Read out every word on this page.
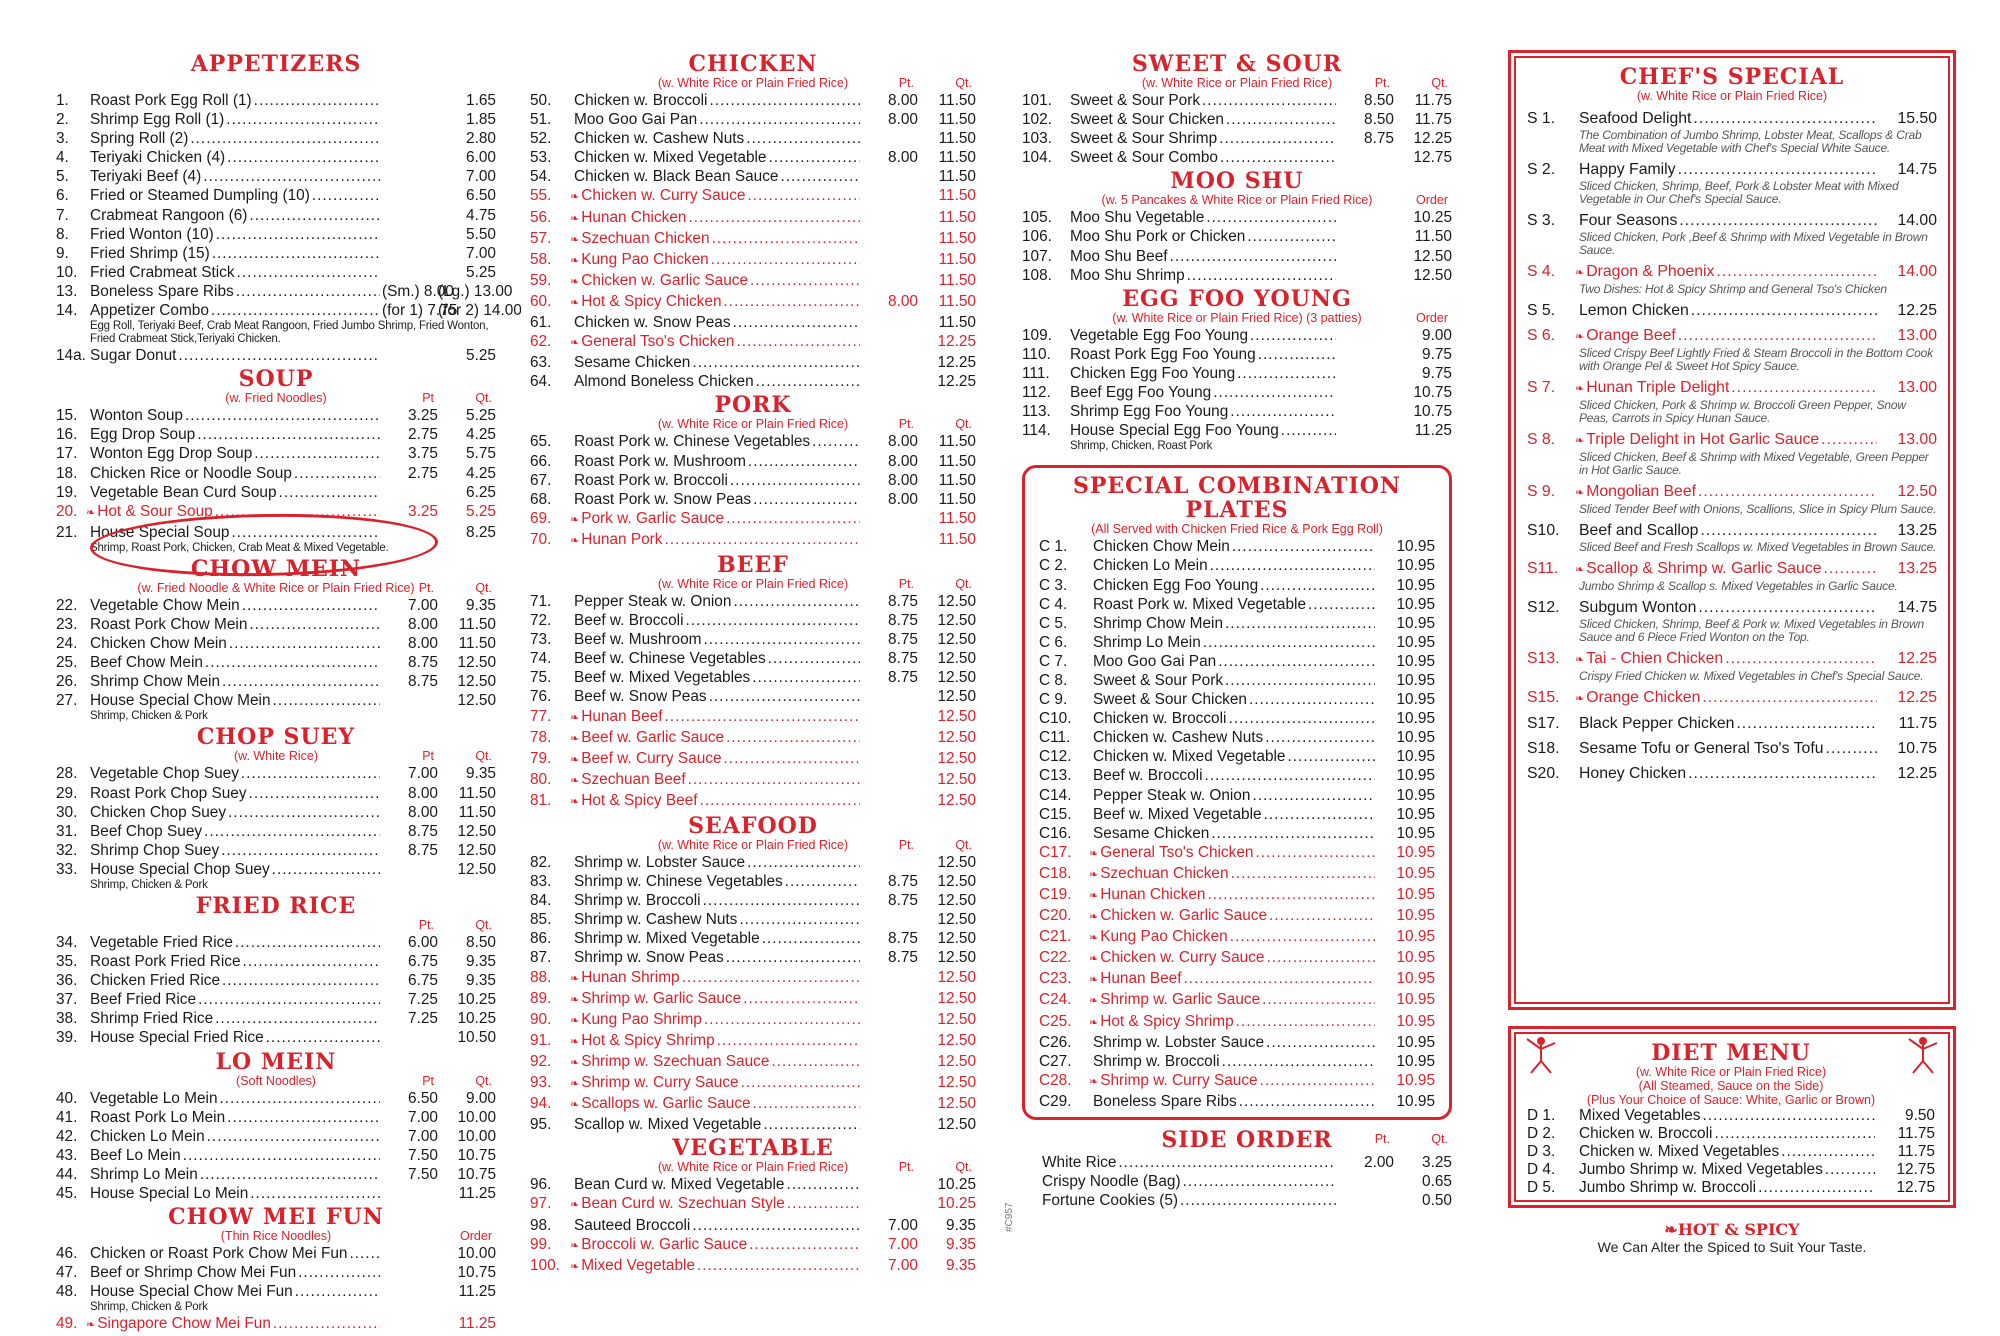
APPETIZERS
1.	Roast Pork Egg Roll (1) .....	1.65
2.	Shrimp Egg Roll (1) .....	1.85
3.	Spring Roll (2) .....	2.80
4.	Teriyaki Chicken (4) .....	6.00
5.	Teriyaki Beef (4) .....	7.00
6.	Fried or Steamed Dumpling (10) .....	6.50
7.	Crabmeat Rangoon (6) .....	4.75
8.	Fried Wonton (10) .....	5.50
9.	Fried Shrimp (15) .....	7.00
10. Fried Crabmeat Stick .....	5.25
13. Boneless Spare Ribs .....	(Sm.) 8.00
(Lg.) 13.00
14. Appetizer Combo .....	(for 1) 7.75
(for 2) 14.00
Egg Roll, Teriyaki Beef, Crab Meat Rangoon, Fried Jumbo Shrimp, Fried Wonton, Fried Crabmeat Stick,Teriyaki Chicken.
14a. Sugar Donut .....	5.25
SOUP
(w. Fried Noodles)	Pt	Qt.
15. Wonton Soup .....	3.25	5.25
16. Egg Drop Soup .....	2.75	4.25
17. Wonton Egg Drop Soup .....	3.75	5.75
18. Chicken Rice or Noodle Soup .....	2.75	4.25
19. Vegetable Bean Curd Soup .....	6.25
20. ❧ Hot & Sour Soup .....	3.25	5.25
21. House Special Soup .....	8.25
Shrimp, Roast Pork, Chicken, Crab Meat & Mixed Vegetable.
CHOW MEIN
(w. Fried Noodle & White Rice or Plain Fried Rice) Pt.	Qt.
22. Vegetable Chow Mein .....	7.00	9.35
23. Roast Pork Chow Mein .....	8.00	11.50
24. Chicken Chow Mein .....	8.00	11.50
25. Beef Chow Mein .....	8.75	12.50
26. Shrimp Chow Mein .....	8.75	12.50
27. House Special Chow Mein .....	12.50
Shrimp, Chicken & Pork
CHOP SUEY
(w. White Rice)	Pt	Qt.
28. Vegetable Chop Suey .....	7.00	9.35
29. Roast Pork Chop Suey .....	8.00	11.50
30. Chicken Chop Suey .....	8.00	11.50
31. Beef Chop Suey .....	8.75	12.50
32. Shrimp Chop Suey .....	8.75	12.50
33. House Special Chop Suey .....	12.50
Shrimp, Chicken & Pork
FRIED RICE
Pt.	Qt.
34. Vegetable Fried Rice .....	6.00	8.50
35. Roast Pork Fried Rice .....	6.75	9.35
36. Chicken Fried Rice .....	6.75	9.35
37. Beef Fried Rice .....	7.25	10.25
38. Shrimp Fried Rice .....	7.25	10.25
39. House Special Fried Rice .....	10.50
LO MEIN
(Soft Noodles)	Pt	Qt.
40. Vegetable Lo Mein .....	6.50	9.00
41. Roast Pork Lo Mein .....	7.00	10.00
42. Chicken Lo Mein .....	7.00	10.00
43. Beef Lo Mein .....	7.50	10.75
44. Shrimp Lo Mein .....	7.50	10.75
45. House Special Lo Mein .....	11.25
CHOW MEI FUN
(Thin Rice Noodles)	Order
46. Chicken or Roast Pork Chow Mei Fun .....	10.00
47. Beef or Shrimp Chow Mei Fun .....	10.75
48. House Special Chow Mei Fun .....	11.25
Shrimp, Chicken & Pork
49. ❧ Singapore Chow Mei Fun .....	11.25
CHICKEN
(w. White Rice or Plain Fried Rice)	Pt.	Qt.
50.	Chicken w. Broccoli .....	8.00	11.50
51.	Moo Goo Gai Pan .....	8.00	11.50
52.	Chicken w. Cashew Nuts .....	11.50
53.	Chicken w. Mixed Vegetable .....	8.00	11.50
54.	Chicken w. Black Bean Sauce .....	11.50
55.	❧ Chicken w. Curry Sauce .....	11.50
56.	❧ Hunan Chicken .....	11.50
57.	❧ Szechuan Chicken .....	11.50
58.	❧ Kung Pao Chicken .....	11.50
59.	❧ Chicken w. Garlic Sauce .....	11.50
60.	❧ Hot & Spicy Chicken .....	8.00	11.50
61.	Chicken w. Snow Peas .....	11.50
62.	❧ General Tso's Chicken .....	12.25
63.	Sesame Chicken .....	12.25
64.	Almond Boneless Chicken .....	12.25
PORK
(w. White Rice or Plain Fried Rice)	Pt.	Qt.
65.	Roast Pork w. Chinese Vegetables .....	8.00	11.50
66.	Roast Pork w. Mushroom .....	8.00	11.50
67.	Roast Pork w. Broccoli .....	8.00	11.50
68.	Roast Pork w. Snow Peas .....	8.00	11.50
69.	❧ Pork w. Garlic Sauce .....	11.50
70.	❧ Hunan Pork .....	11.50
BEEF
(w. White Rice or Plain Fried Rice)	Pt.	Qt.
71.	Pepper Steak w. Onion .....	8.75	12.50
72.	Beef w. Broccoli .....	8.75	12.50
73.	Beef w. Mushroom .....	8.75	12.50
74.	Beef w. Chinese Vegetables .....	8.75	12.50
75.	Beef w. Mixed Vegetables .....	8.75	12.50
76.	Beef w. Snow Peas .....	12.50
77.	❧ Hunan Beef .....	12.50
78.	❧ Beef w. Garlic Sauce .....	12.50
79.	❧ Beef w. Curry Sauce .....	12.50
80.	❧ Szechuan Beef .....	12.50
81.	❧ Hot & Spicy Beef .....	12.50
SEAFOOD
(w. White Rice or Plain Fried Rice)	Pt.	Qt.
82.	Shrimp w. Lobster Sauce .....	12.50
83.	Shrimp w. Chinese Vegetables .....	8.75	12.50
84.	Shrimp w. Broccoli .....	8.75	12.50
85.	Shrimp w. Cashew Nuts .....	12.50
86.	Shrimp w. Mixed Vegetable .....	8.75	12.50
87.	Shrimp w. Snow Peas .....	8.75	12.50
88.	❧ Hunan Shrimp .....	12.50
89.	❧ Shrimp w. Garlic Sauce .....	12.50
90.	❧ Kung Pao Shrimp .....	12.50
91.	❧ Hot & Spicy Shrimp .....	12.50
92.	❧ Shrimp w. Szechuan Sauce .....	12.50
93.	❧ Shrimp w. Curry Sauce .....	12.50
94.	❧ Scallops w. Garlic Sauce .....	12.50
95.	Scallop w. Mixed Vegetable .....	12.50
VEGETABLE
(w. White Rice or Plain Fried Rice)	Pt.	Qt.
96.	Bean Curd w. Mixed Vegetable .....	10.25
97.	❧ Bean Curd w. Szechuan Style .....	10.25
98.	Sauteed Broccoli .....	7.00	9.35
99.	❧ Broccoli w. Garlic Sauce .....	7.00	9.35
100. ❧ Mixed Vegetable .....	7.00	9.35
SWEET & SOUR
(w. White Rice or Plain Fried Rice)	Pt.	Qt.
101.	Sweet & Sour Pork .....	8.50	11.75
102.	Sweet & Sour Chicken .....	8.50	11.75
103.	Sweet & Sour Shrimp .....	8.75	12.25
104.	Sweet & Sour Combo .....	12.75
MOO SHU
(w. 5 Pancakes & White Rice or Plain Fried Rice)	Order
105.	Moo Shu Vegetable .....	10.25
106.	Moo Shu Pork or Chicken .....	11.50
107.	Moo Shu Beef .....	12.50
108.	Moo Shu Shrimp .....	12.50
EGG FOO YOUNG
(w. White Rice or Plain Fried Rice) (3 patties)	Order
109.	Vegetable Egg Foo Young .....	9.00
110.	Roast Pork Egg Foo Young .....	9.75
111.	Chicken Egg Foo Young .....	9.75
112.	Beef Egg Foo Young .....	10.75
113.	Shrimp Egg Foo Young .....	10.75
114.	House Special Egg Foo Young .....	11.25
Shrimp, Chicken, Roast Pork
SPECIAL COMBINATION PLATES
(All Served with Chicken Fried Rice & Pork Egg Roll)
C 1.	Chicken Chow Mein .....	10.95
C 2.	Chicken Lo Mein .....	10.95
C 3.	Chicken Egg Foo Young .....	10.95
C 4.	Roast Pork w. Mixed Vegetable .....	10.95
C 5.	Shrimp Chow Mein .....	10.95
C 6.	Shrimp Lo Mein .....	10.95
C 7.	Moo Goo Gai Pan .....	10.95
C 8.	Sweet & Sour Pork .....	10.95
C 9.	Sweet & Sour Chicken .....	10.95
C10.	Chicken w. Broccoli .....	10.95
C11.	Chicken w. Cashew Nuts .....	10.95
C12.	Chicken w. Mixed Vegetable .....	10.95
C13.	Beef w. Broccoli .....	10.95
C14.	Pepper Steak w. Onion .....	10.95
C15.	Beef w. Mixed Vegetable .....	10.95
C16.	Sesame Chicken .....	10.95
C17.	❧ General Tso's Chicken .....	10.95
C18.	❧ Szechuan Chicken .....	10.95
C19.	❧ Hunan Chicken .....	10.95
C20.	❧ Chicken w. Garlic Sauce .....	10.95
C21.	❧ Kung Pao Chicken .....	10.95
C22.	❧ Chicken w. Curry Sauce .....	10.95
C23.	❧ Hunan Beef .....	10.95
C24.	❧ Shrimp w. Garlic Sauce .....	10.95
C25.	❧ Hot & Spicy Shrimp .....	10.95
C26.	Shrimp w. Lobster Sauce .....	10.95
C27.	Shrimp w. Broccoli .....	10.95
C28.	❧ Shrimp w. Curry Sauce .....	10.95
C29.	Boneless Spare Ribs .....	10.95
SIDE ORDER	Pt.	Qt.
White Rice .....	2.00	3.25
Crispy Noodle (Bag) .....	0.65
Fortune Cookies (5) .....	0.50
CHEF'S SPECIAL
(w. White Rice or Plain Fried Rice)
S 1.	Seafood Delight .....	15.50
The Combination of Jumbo Shrimp, Lobster Meat, Scallops & Crab Meat with Mixed Vegetable with Chef's Special White Sauce.
S 2.	Happy Family .....	14.75
Sliced Chicken, Shrimp, Beef, Pork & Lobster Meat with Mixed Vegetable in Our Chef's Special Sauce.
S 3.	Four Seasons .....	14.00
Sliced Chicken, Pork ,Beef & Shrimp with Mixed Vegetable in Brown Sauce.
S 4.	❧ Dragon & Phoenix .....	14.00
Two Dishes: Hot & Spicy Shrimp and General Tso's Chicken
S 5.	Lemon Chicken .....	12.25
S 6.	❧ Orange Beef .....	13.00
Sliced Crispy Beef Lightly Fried & Steam Broccoli in the Bottom Cook with Orange Pel & Sweet Hot Spicy Sauce.
S 7.	❧ Hunan Triple Delight .....	13.00
Sliced Chicken, Pork & Shrimp w. Broccoli Green Pepper, Snow Peas, Carrots in Spicy Hunan Sauce.
S 8.	❧ Triple Delight in Hot Garlic Sauce .....	13.00
Sliced Chicken, Beef & Shrimp with Mixed Vegetable, Green Pepper in Hot Garlic Sauce.
S 9.	❧ Mongolian Beef .....	12.50
Sliced Tender Beef with Onions, Scallions, Slice in Spicy Plum Sauce.
S10.	Beef and Scallop .....	13.25
Sliced Beef and Fresh Scallops w. Mixed Vegetables in Brown Sauce.
S11.	❧ Scallop & Shrimp w. Garlic Sauce .....	13.25
Jumbo Shrimp & Scallop s. Mixed Vegetables in Garlic Sauce.
S12.	Subgum Wonton .....	14.75
Sliced Chicken, Shrimp, Beef & Pork w. Mixed Vegetables in Brown Sauce and 6 Piece Fried Wonton on the Top.
S13.	❧ Tai - Chien Chicken .....	12.25
Crispy Fried Chicken w. Mixed Vegetables in Chef's Special Sauce.
S15.	❧ Orange Chicken .....	12.25
S17.	Black Pepper Chicken .....	11.75
S18.	Sesame Tofu or General Tso's Tofu .....	10.75
S20.	Honey Chicken .....	12.25
DIET MENU
(w. White Rice or Plain Fried Rice)
(All Steamed, Sauce on the Side)
(Plus Your Choice of Sauce: White, Garlic or Brown)
D 1.	Mixed Vegetables .....	9.50
D 2.	Chicken w. Broccoli .....	11.75
D 3.	Chicken w. Mixed Vegetables .....	11.75
D 4.	Jumbo Shrimp w. Mixed Vegetables .....	12.75
D 5.	Jumbo Shrimp w. Broccoli .....	12.75
❧HOT & SPICY
We Can Alter the Spiced to Suit Your Taste.
#C957
